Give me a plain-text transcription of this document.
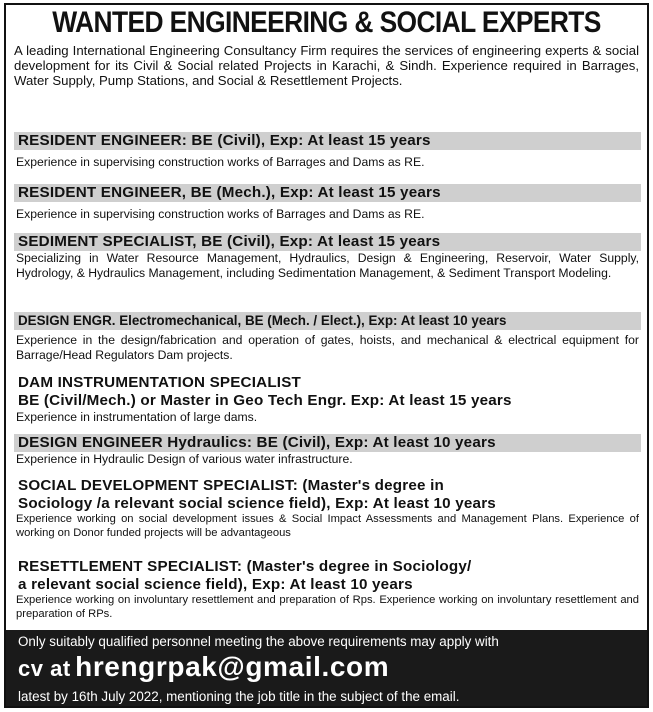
WANTED ENGINEERING & SOCIAL EXPERTS
A leading International Engineering Consultancy Firm requires the services of engineering experts & social development for its Civil & Social related Projects in Karachi, & Sindh. Experience required in Barrages, Water Supply, Pump Stations, and Social & Resettlement Projects.
RESIDENT ENGINEER: BE (Civil), Exp: At least 15 years
Experience in supervising construction works of Barrages and Dams as RE.
RESIDENT ENGINEER, BE (Mech.), Exp: At least 15 years
Experience in supervising construction works of Barrages and Dams as RE.
SEDIMENT SPECIALIST, BE (Civil), Exp: At least 15 years
Specializing in Water Resource Management, Hydraulics, Design & Engineering, Reservoir, Water Supply, Hydrology, & Hydraulics Management, including Sedimentation Management, & Sediment Transport Modeling.
DESIGN ENGR. Electromechanical, BE (Mech. / Elect.), Exp: At least 10 years
Experience in the design/fabrication and operation of gates, hoists, and mechanical & electrical equipment for Barrage/Head Regulators Dam projects.
DAM INSTRUMENTATION SPECIALIST
BE (Civil/Mech.) or Master in Geo Tech Engr. Exp: At least 15 years
Experience in instrumentation of large dams.
DESIGN ENGINEER Hydraulics: BE (Civil), Exp: At least 10 years
Experience in Hydraulic Design of various water infrastructure.
SOCIAL DEVELOPMENT SPECIALIST: (Master's degree in
Sociology /a relevant social science field), Exp: At least 10 years
Experience working on social development issues & Social Impact Assessments and Management Plans. Experience of working on Donor funded projects will be advantageous
RESETTLEMENT SPECIALIST: (Master's degree in Sociology/
a relevant social science field), Exp: At least 10 years
Experience working on involuntary resettlement and preparation of Rps. Experience working on involuntary resettlement and preparation of RPs.
Only suitably qualified personnel meeting the above requirements may apply with
cv at hrengrpak@gmail.com
latest by 16th July 2022, mentioning the job title in the subject of the email.
